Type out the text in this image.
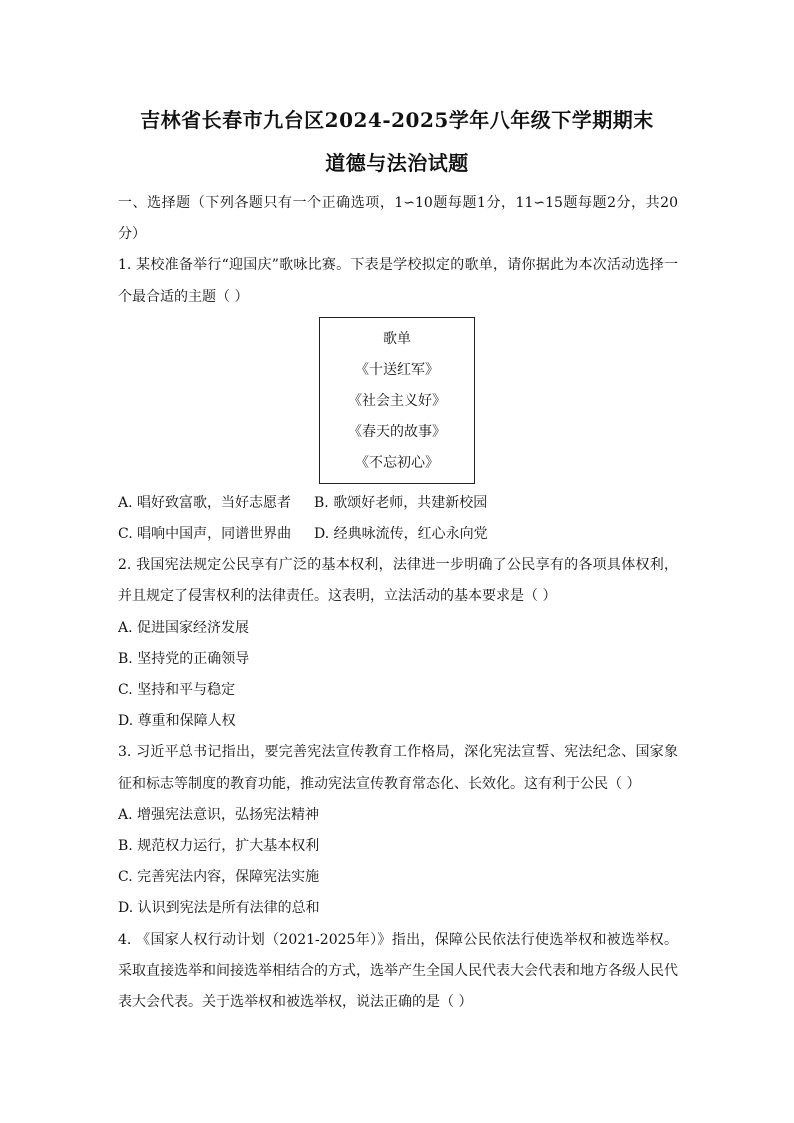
吉林省长春市九台区2024-2025学年八年级下学期期末
道德与法治试题

一、选择题（下列各题只有一个正确选项，1∽10题每题1分，11∽15题每题2分，共20分）

1. 某校准备举行“迎国庆”歌咏比赛。下表是学校拟定的歌单，请你据此为本次活动选择一个最合适的主题（ ）

歌单
《十送红军》
《社会主义好》
《春天的故事》
《不忘初心》
A. 唱好致富歌，当好志愿者	B. 歌颂好老师，共建新校园
C. 唱响中国声，同谱世界曲	D. 经典咏流传，红心永向党

2. 我国宪法规定公民享有广泛的基本权利，法律进一步明确了公民享有的各项具体权利，并且规定了侵害权利的法律责任。这表明，立法活动的基本要求是（ ）

A. 促进国家经济发展

B. 坚持党的正确领导

C. 坚持和平与稳定

D. 尊重和保障人权

3. 习近平总书记指出，要完善宪法宣传教育工作格局，深化宪法宣誓、宪法纪念、国家象征和标志等制度的教育功能，推动宪法宣传教育常态化、长效化。这有利于公民（ ）

A. 增强宪法意识，弘扬宪法精神

B. 规范权力运行，扩大基本权利

C. 完善宪法内容，保障宪法实施

D. 认识到宪法是所有法律的总和

4. 《国家人权行动计划（2021-2025年）》指出，保障公民依法行使选举权和被选举权。采取直接选举和间接选举相结合的方式，选举产生全国人民代表大会代表和地方各级人民代表大会代表。关于选举权和被选举权，说法正确的是（ ）
